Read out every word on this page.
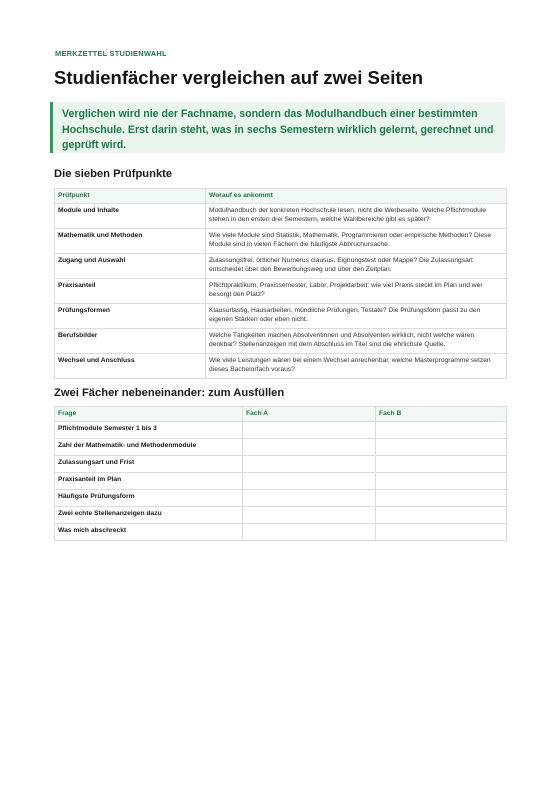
MERKZETTEL STUDIENWAHL
Studienfächer vergleichen auf zwei Seiten
Verglichen wird nie der Fachname, sondern das Modulhandbuch einer bestimmten Hochschule. Erst darin steht, was in sechs Semestern wirklich gelernt, gerechnet und geprüft wird.
Die sieben Prüfpunkte
Prüfpunkt	Worauf es ankommt
Module und Inhalte	Modulhandbuch der konkreten Hochschule lesen, nicht die Werbeseite. Welche Pflichtmodule stehen in den ersten drei Semestern, welche Wahlbereiche gibt es später?
Mathematik und Methoden	Wie viele Module sind Statistik, Mathematik, Programmieren oder empirische Methoden? Diese Module sind in vielen Fächern die häufigste Abbruchursache.
Zugang und Auswahl	Zulassungsfrei, örtlicher Numerus clausus, Eignungstest oder Mappe? Die Zulassungsart entscheidet über den Bewerbungsweg und über den Zeitplan.
Praxisanteil	Pflichtpraktikum, Praxissemester, Labor, Projektarbeit: wie viel Praxis steckt im Plan und wer besorgt den Platz?
Prüfungsformen	Klausurlastig, Hausarbeiten, mündliche Prüfungen, Testate? Die Prüfungsform passt zu den eigenen Stärken oder eben nicht.
Berufsbilder	Welche Tätigkeiten machen Absolventinnen und Absolventen wirklich, nicht welche wären denkbar? Stellenanzeigen mit dem Abschluss im Titel sind die ehrlichste Quelle.
Wechsel und Anschluss	Wie viele Leistungen wären bei einem Wechsel anrechenbar, welche Masterprogramme setzen dieses Bachelorfach voraus?
Zwei Fächer nebeneinander: zum Ausfüllen
Frage	Fach A	Fach B
Pflichtmodule Semester 1 bis 3		
Zahl der Mathematik- und Methodenmodule		
Zulassungsart und Frist		
Praxisanteil im Plan		
Häufigste Prüfungsform		
Zwei echte Stellenanzeigen dazu		
Was mich abschreckt		
